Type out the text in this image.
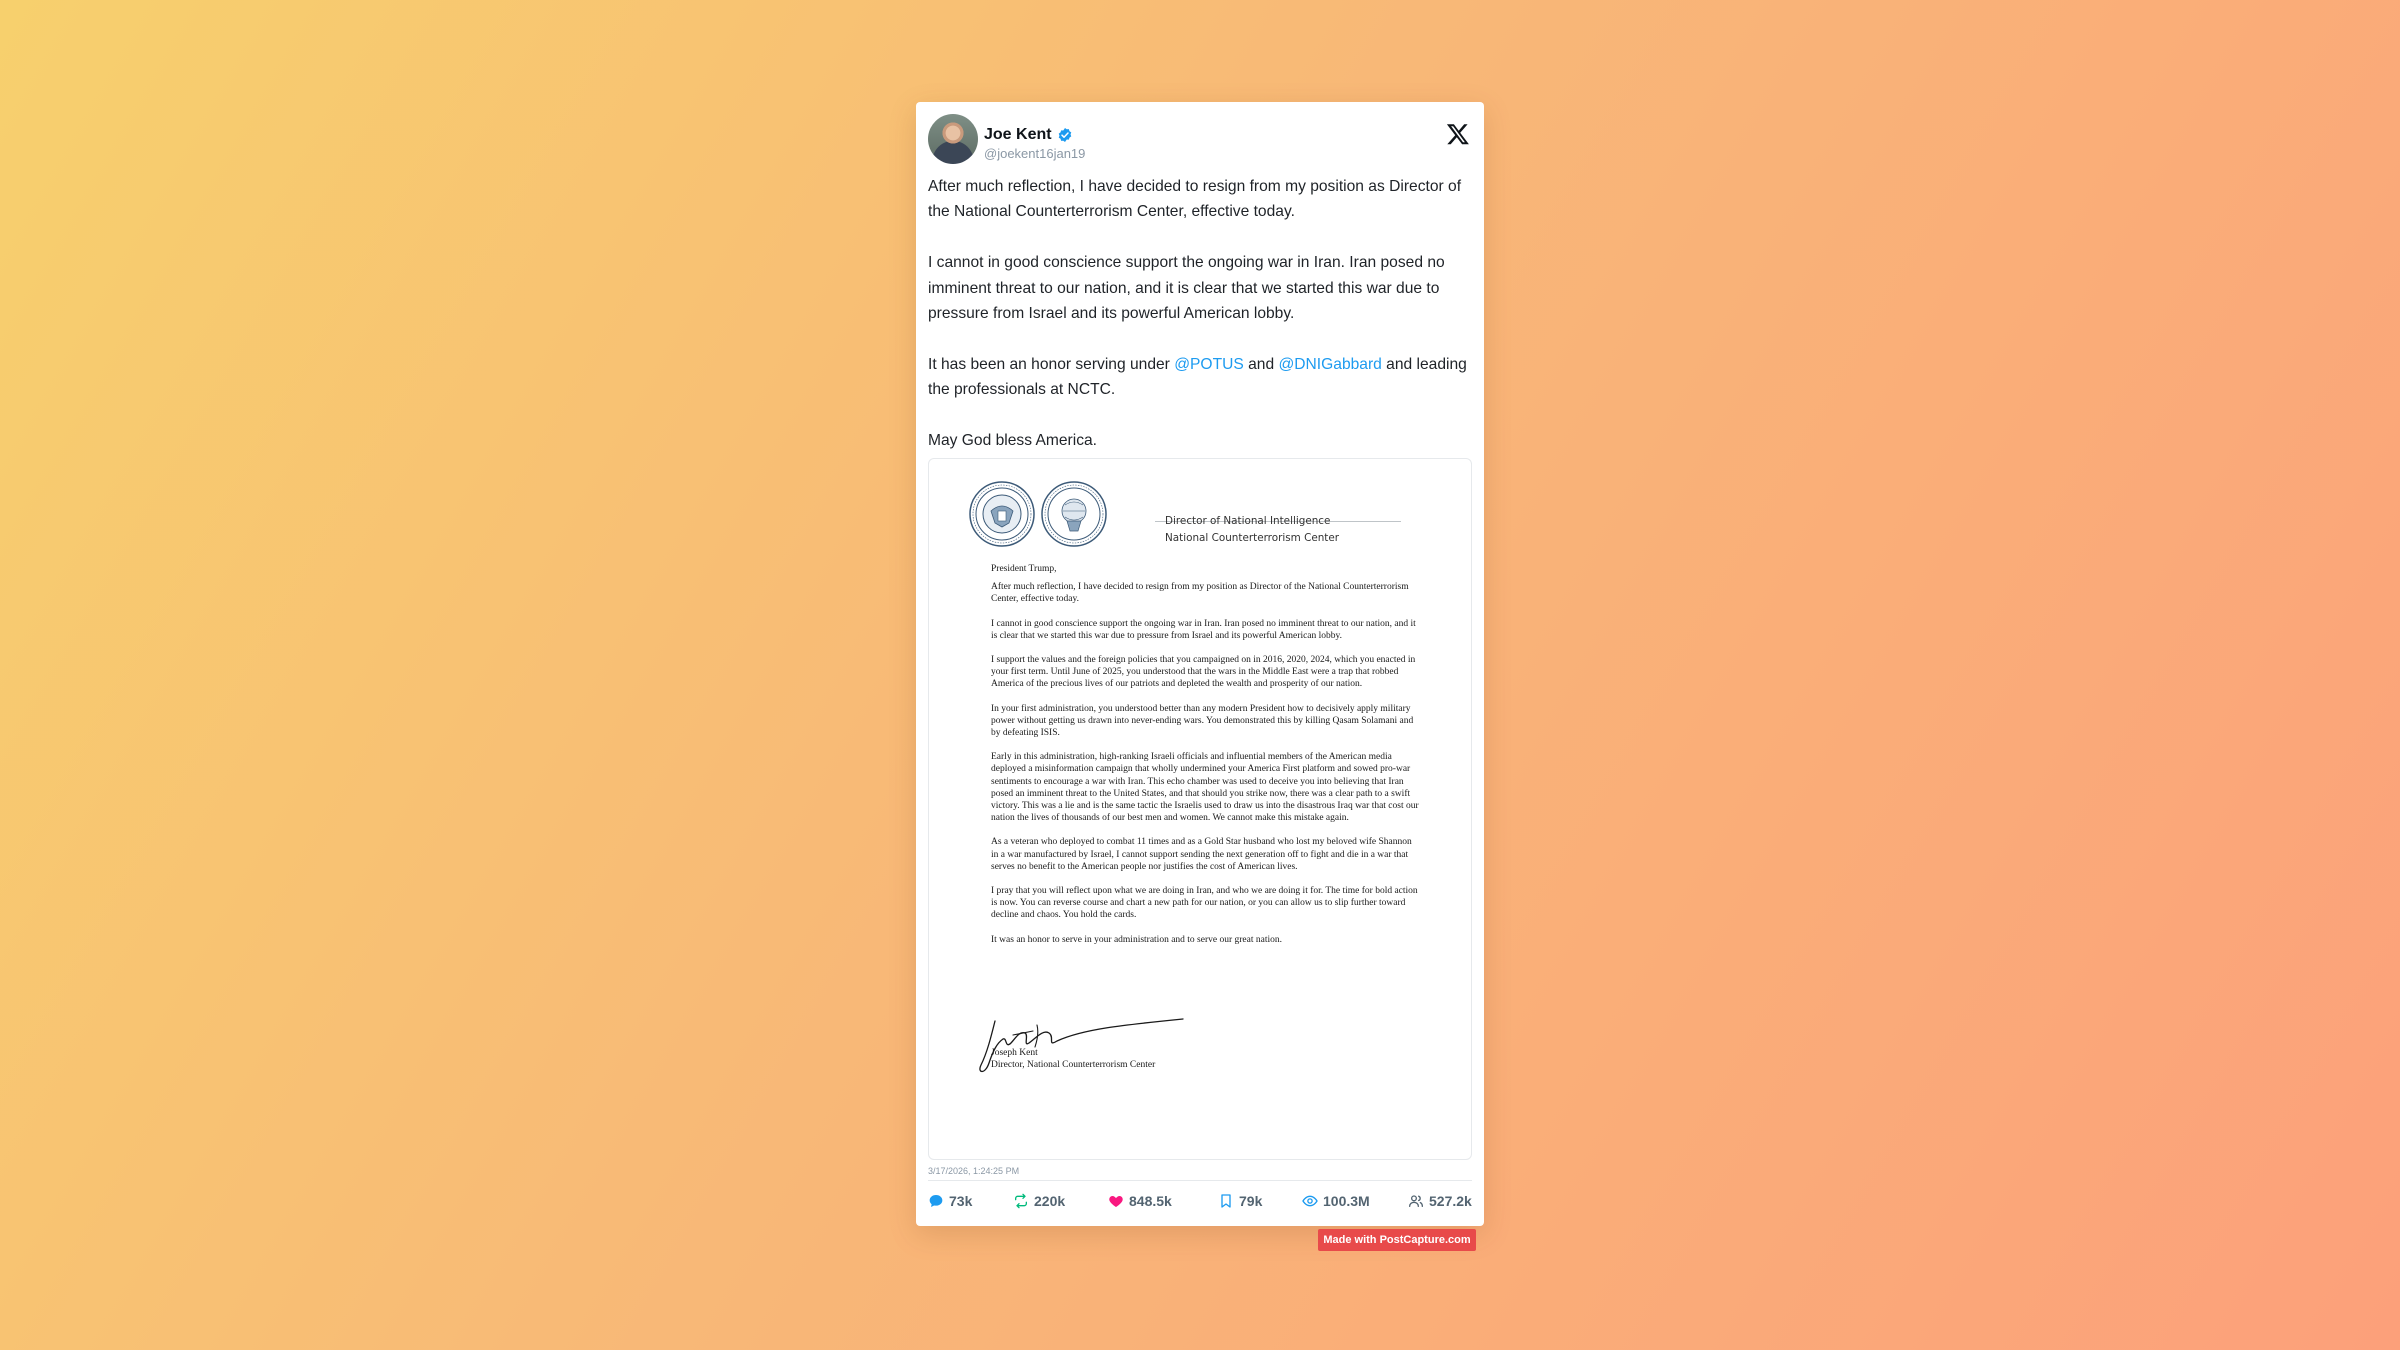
Joe Kent
@joekent16jan19

After much reflection, I have decided to resign from my position as Director of the National Counterterrorism Center, effective today.

I cannot in good conscience support the ongoing war in Iran. Iran posed no imminent threat to our nation, and it is clear that we started this war due to pressure from Israel and its powerful American lobby.

It has been an honor serving under @POTUS and @DNIGabbard and leading the professionals at NCTC.

May God bless America.

Director of National Intelligence
National Counterterrorism Center

President Trump,

After much reflection, I have decided to resign from my position as Director of the National Counterterrorism Center, effective today.

I cannot in good conscience support the ongoing war in Iran. Iran posed no imminent threat to our nation, and it is clear that we started this war due to pressure from Israel and its powerful American lobby.

I support the values and the foreign policies that you campaigned on in 2016, 2020, 2024, which you enacted in your first term. Until June of 2025, you understood that the wars in the Middle East were a trap that robbed America of the precious lives of our patriots and depleted the wealth and prosperity of our nation.

In your first administration, you understood better than any modern President how to decisively apply military power without getting us drawn into never-ending wars. You demonstrated this by killing Qasam Solamani and by defeating ISIS.

Early in this administration, high-ranking Israeli officials and influential members of the American media deployed a misinformation campaign that wholly undermined your America First platform and sowed pro-war sentiments to encourage a war with Iran. This echo chamber was used to deceive you into believing that Iran posed an imminent threat to the United States, and that should you strike now, there was a clear path to a swift victory. This was a lie and is the same tactic the Israelis used to draw us into the disastrous Iraq war that cost our nation the lives of thousands of our best men and women. We cannot make this mistake again.

As a veteran who deployed to combat 11 times and as a Gold Star husband who lost my beloved wife Shannon in a war manufactured by Israel, I cannot support sending the next generation off to fight and die in a war that serves no benefit to the American people nor justifies the cost of American lives.

I pray that you will reflect upon what we are doing in Iran, and who we are doing it for. The time for bold action is now. You can reverse course and chart a new path for our nation, or you can allow us to slip further toward decline and chaos. You hold the cards.

It was an honor to serve in your administration and to serve our great nation.

Joseph Kent
Director, National Counterterrorism Center
3/17/2026, 1:24:25 PM
73k	220k	848.5k	79k	100.3M	527.2k
Made with PostCapture.com
